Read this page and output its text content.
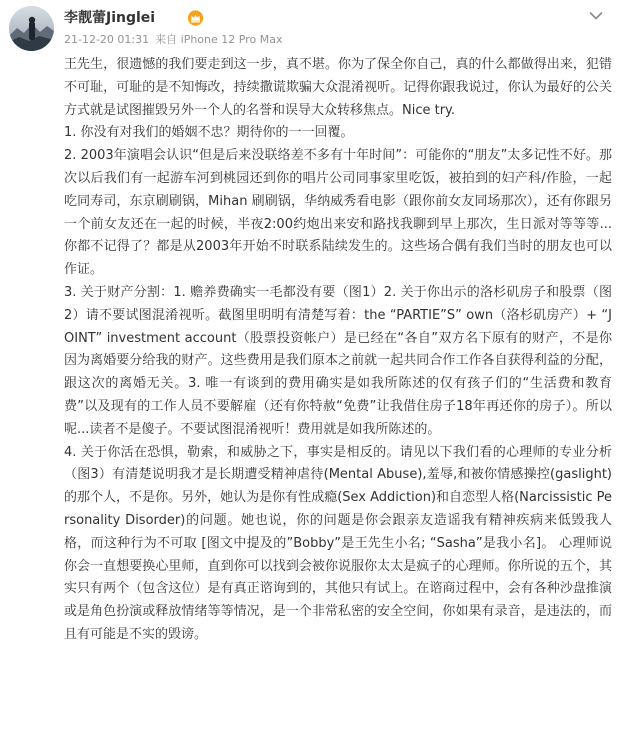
李靓蕾Jinglei
21-12-20 01:31 来自 iPhone 12 Pro Max

王先生，很遗憾的我们要走到这一步，真不堪。你为了保全你自己，真的什么都做得出来，犯错不可耻，可耻的是不知悔改，持续撒谎欺骗大众混淆视听。记得你跟我说过，你认为最好的公关方式就是试图摧毁另外一个人的名誉和误导大众转移焦点。Nice try.

1. 你没有对我们的婚姻不忠？期待你的一一回覆。

2. 2003年演唱会认识“但是后来没联络差不多有十年时间”：可能你的“朋友”太多记性不好。那次以后我们有一起游车河到桃园还到你的唱片公司同事家里吃饭，被拍到的妇产科/作脸，一起吃同寿司，东京刷刷锅，Mihan 刷刷锅，华纳威秀看电影（跟你前女友同场那次），还有你跟另一个前女友还在一起的时候，半夜2:00约炮出来安和路找我聊到早上那次，生日派对等等等...你都不记得了？都是从2003年开始不时联系陆续发生的。这些场合偶有我们当时的朋友也可以作证。

3. 关于财产分割：1. 赡养费确实一毛都没有要（图1）2. 关于你出示的洛杉矶房子和股票（图2）请不要试图混淆视听。截图里明明有清楚写着：the “PARTIE”S” own（洛杉矶房产）+ “JOINT” investment account（股票投资帐户）是已经在“各自”双方名下原有的财产，不是你因为离婚要分给我的财产。这些费用是我们原本之前就一起共同合作工作各自获得利益的分配，跟这次的离婚无关。3. 唯一有谈到的费用确实是如我所陈述的仅有孩子们的“生活费和教育费”以及现有的工作人员不要解雇（还有你特赦“免费”让我借住房子18年再还你的房子）。所以呢...读者不是傻子。不要试图混淆视听！费用就是如我所陈述的。

4. 关于你活在恐惧，勒索，和威胁之下，事实是相反的。请见以下我们看的心理师的专业分析（图3）有清楚说明我才是长期遭受精神虐待(Mental Abuse),羞辱,和被你情感操控(gaslight)的那个人，不是你。另外，她认为是你有性成瘾(Sex Addiction)和自恋型人格(Narcissistic Personality Disorder)的问题。她也说，你的问题是你会跟亲友造谣我有精神疾病来低毁我人格，而这种行为不可取 [图文中提及的”Bobby”是王先生小名; “Sasha”是我小名]。 心理师说你会一直想要换心里师，直到你可以找到会被你说服你太太是疯子的心理师。你所说的五个，其实只有两个（包含这位）是有真正谘询到的，其他只有试上。在谘商过程中，会有各种沙盘推演或是角色扮演或释放情绪等等情况，是一个非常私密的安全空间，你如果有录音，是违法的，而且有可能是不实的毁谤。
